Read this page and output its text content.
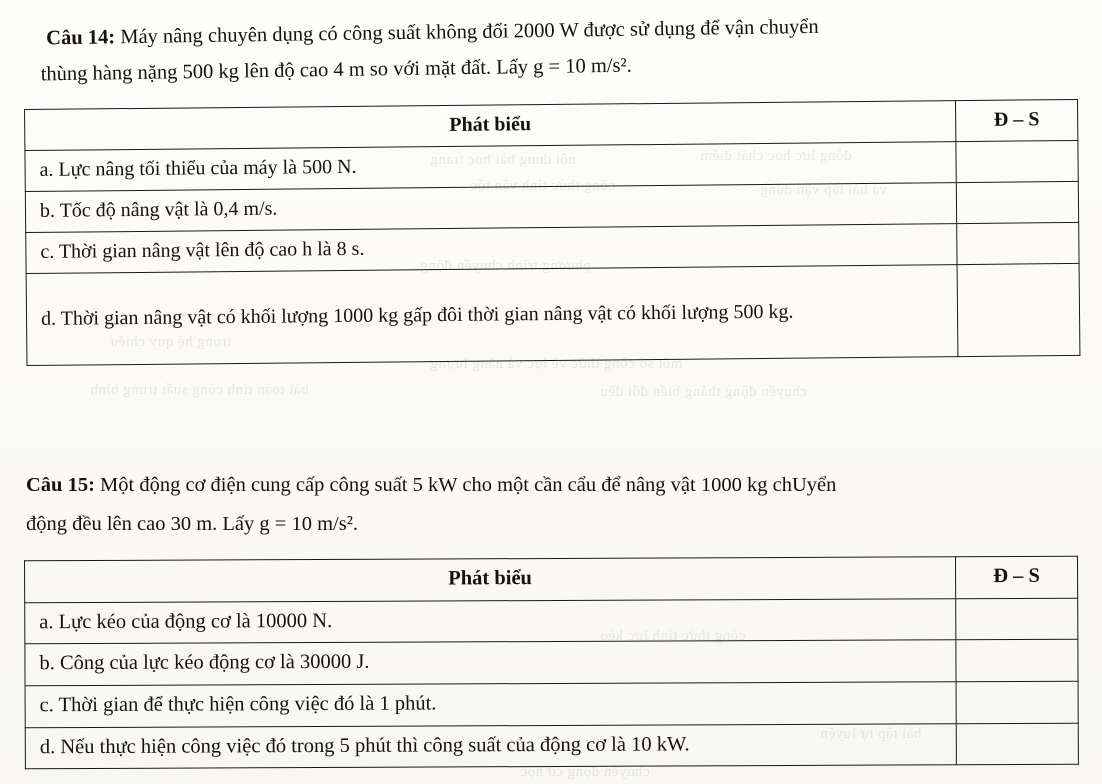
nôi dung bài hoc trang	đông lưc hoc chất điểm
công thức tính vận tốc	và bài tập vận dụng
phương trình chuyển động
trong hệ quy chiếu
môt số công thức về lực và năng lượng
bài toán tính công suất trung bình	chuyển động thẳng biến đổi đều
công thức tính lực kéo
bài tập tự luyện
chuyển động cơ học
Câu 14: Máy nâng chuyên dụng có công suất không đổi 2000 W được sử dụng để vận chuyển
thùng hàng nặng 500 kg lên độ cao 4 m so với mặt đất. Lấy g = 10 m/s².
Phát biểu	Đ – S
a. Lực nâng tối thiểu của máy là 500 N.	
b. Tốc độ nâng vật là 0,4 m/s.	
c. Thời gian nâng vật lên độ cao h là 8 s.	
d. Thời gian nâng vật có khối lượng 1000 kg gấp đôi thời gian nâng vật có khối lượng 500 kg.	
Câu 15: Một động cơ điện cung cấp công suất 5 kW cho một cần cẩu để nâng vật 1000 kg chUyển
động đều lên cao 30 m. Lấy g = 10 m/s².
Phát biểu	Đ – S
a. Lực kéo của động cơ là 10000 N.	
b. Công của lực kéo động cơ là 30000 J.	
c. Thời gian để thực hiện công việc đó là 1 phút.	
d. Nếu thực hiện công việc đó trong 5 phút thì công suất của động cơ là 10 kW.	
